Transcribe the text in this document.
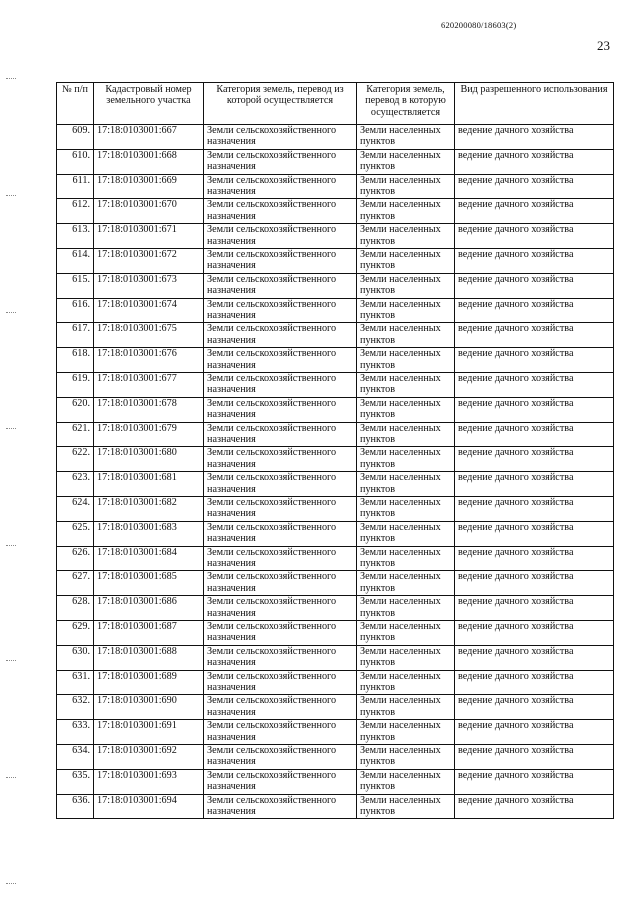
620200080/18603(2)
23
№ п/п	Кадастровый номер земельного участка	Категория земель, перевод из которой осуществляется	Категория земель, перевод в которую осуществляется	Вид разрешенного использования
609.	17:18:0103001:667	Земли сельскохозяйственного назначения	Земли населенных пунктов	ведение дачного хозяйства
610.	17:18:0103001:668	Земли сельскохозяйственного назначения	Земли населенных пунктов	ведение дачного хозяйства
611.	17:18:0103001:669	Земли сельскохозяйственного назначения	Земли населенных пунктов	ведение дачного хозяйства
612.	17:18:0103001:670	Земли сельскохозяйственного назначения	Земли населенных пунктов	ведение дачного хозяйства
613.	17:18:0103001:671	Земли сельскохозяйственного назначения	Земли населенных пунктов	ведение дачного хозяйства
614.	17:18:0103001:672	Земли сельскохозяйственного назначения	Земли населенных пунктов	ведение дачного хозяйства
615.	17:18:0103001:673	Земли сельскохозяйственного назначения	Земли населенных пунктов	ведение дачного хозяйства
616.	17:18:0103001:674	Земли сельскохозяйственного назначения	Земли населенных пунктов	ведение дачного хозяйства
617.	17:18:0103001:675	Земли сельскохозяйственного назначения	Земли населенных пунктов	ведение дачного хозяйства
618.	17:18:0103001:676	Земли сельскохозяйственного назначения	Земли населенных пунктов	ведение дачного хозяйства
619.	17:18:0103001:677	Земли сельскохозяйственного назначения	Земли населенных пунктов	ведение дачного хозяйства
620.	17:18:0103001:678	Земли сельскохозяйственного назначения	Земли населенных пунктов	ведение дачного хозяйства
621.	17:18:0103001:679	Земли сельскохозяйственного назначения	Земли населенных пунктов	ведение дачного хозяйства
622.	17:18:0103001:680	Земли сельскохозяйственного назначения	Земли населенных пунктов	ведение дачного хозяйства
623.	17:18:0103001:681	Земли сельскохозяйственного назначения	Земли населенных пунктов	ведение дачного хозяйства
624.	17:18:0103001:682	Земли сельскохозяйственного назначения	Земли населенных пунктов	ведение дачного хозяйства
625.	17:18:0103001:683	Земли сельскохозяйственного назначения	Земли населенных пунктов	ведение дачного хозяйства
626.	17:18:0103001:684	Земли сельскохозяйственного назначения	Земли населенных пунктов	ведение дачного хозяйства
627.	17:18:0103001:685	Земли сельскохозяйственного назначения	Земли населенных пунктов	ведение дачного хозяйства
628.	17:18:0103001:686	Земли сельскохозяйственного назначения	Земли населенных пунктов	ведение дачного хозяйства
629.	17:18:0103001:687	Земли сельскохозяйственного назначения	Земли населенных пунктов	ведение дачного хозяйства
630.	17:18:0103001:688	Земли сельскохозяйственного назначения	Земли населенных пунктов	ведение дачного хозяйства
631.	17:18:0103001:689	Земли сельскохозяйственного назначения	Земли населенных пунктов	ведение дачного хозяйства
632.	17:18:0103001:690	Земли сельскохозяйственного назначения	Земли населенных пунктов	ведение дачного хозяйства
633.	17:18:0103001:691	Земли сельскохозяйственного назначения	Земли населенных пунктов	ведение дачного хозяйства
634.	17:18:0103001:692	Земли сельскохозяйственного назначения	Земли населенных пунктов	ведение дачного хозяйства
635.	17:18:0103001:693	Земли сельскохозяйственного назначения	Земли населенных пунктов	ведение дачного хозяйства
636.	17:18:0103001:694	Земли сельскохозяйственного назначения	Земли населенных пунктов	ведение дачного хозяйства
